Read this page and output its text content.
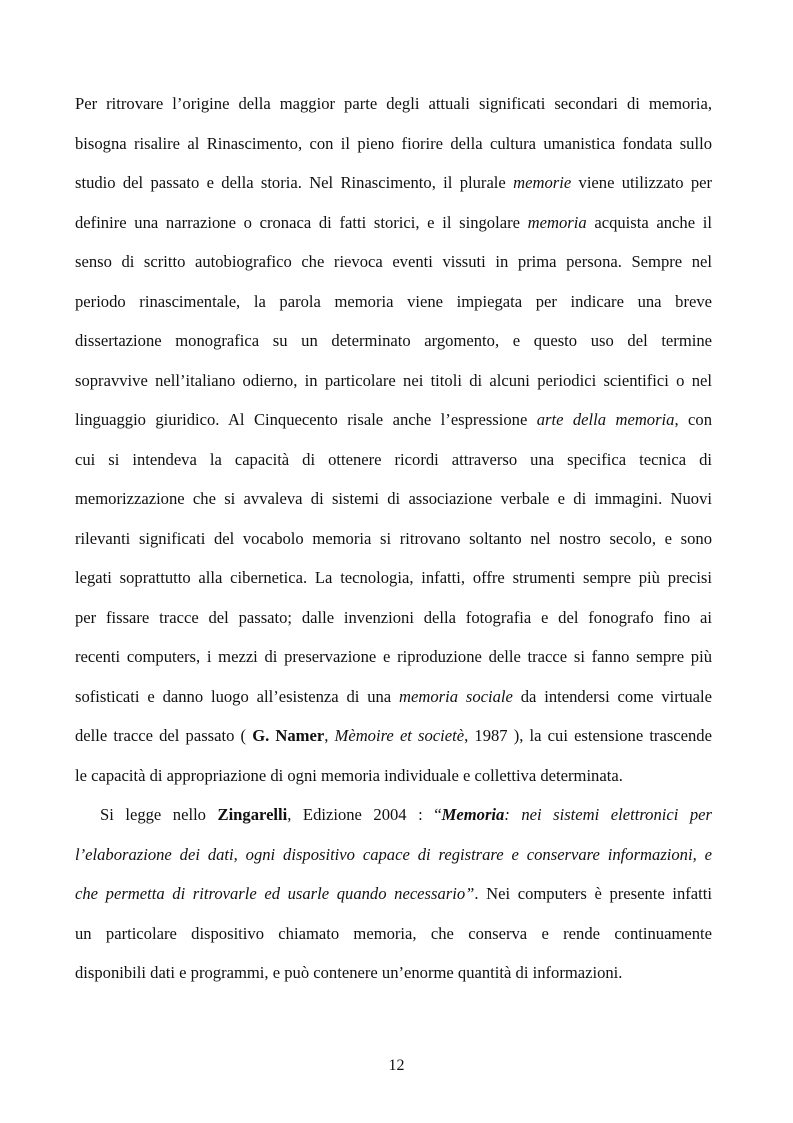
Per ritrovare l’origine della maggior parte degli attuali significati secondari di memoria,
bisogna risalire al Rinascimento, con il pieno fiorire della cultura umanistica fondata sullo
studio del passato e della storia. Nel Rinascimento, il plurale memorie viene utilizzato per
definire una narrazione o cronaca di fatti storici, e il singolare memoria acquista anche il
senso di scritto autobiografico che rievoca eventi vissuti in prima persona. Sempre nel
periodo rinascimentale, la parola memoria viene impiegata per indicare una breve
dissertazione monografica su un determinato argomento, e questo uso del termine
sopravvive nell’italiano odierno, in particolare nei titoli di alcuni periodici scientifici o nel
linguaggio giuridico. Al Cinquecento risale anche l’espressione arte della memoria, con
cui si intendeva la capacità di ottenere ricordi attraverso una specifica tecnica di
memorizzazione che si avvaleva di sistemi di associazione verbale e di immagini. Nuovi
rilevanti significati del vocabolo memoria si ritrovano soltanto nel nostro secolo, e sono
legati soprattutto alla cibernetica. La tecnologia, infatti, offre strumenti sempre più precisi
per fissare tracce del passato; dalle invenzioni della fotografia e del fonografo fino ai
recenti computers, i mezzi di preservazione e riproduzione delle tracce si fanno sempre più
sofisticati e danno luogo all’esistenza di una memoria sociale da intendersi come virtuale
delle tracce del passato ( G. Namer, Mèmoire et societè, 1987 ), la cui estensione trascende
le capacità di appropriazione di ogni memoria individuale e collettiva determinata.
Si legge nello Zingarelli, Edizione 2004 : “Memoria: nei sistemi elettronici per
l’elaborazione dei dati, ogni dispositivo capace di registrare e conservare informazioni, e
che permetta di ritrovarle ed usarle quando necessario”. Nei computers è presente infatti
un particolare dispositivo chiamato memoria, che conserva e rende continuamente
disponibili dati e programmi, e può contenere un’enorme quantità di informazioni.
12
